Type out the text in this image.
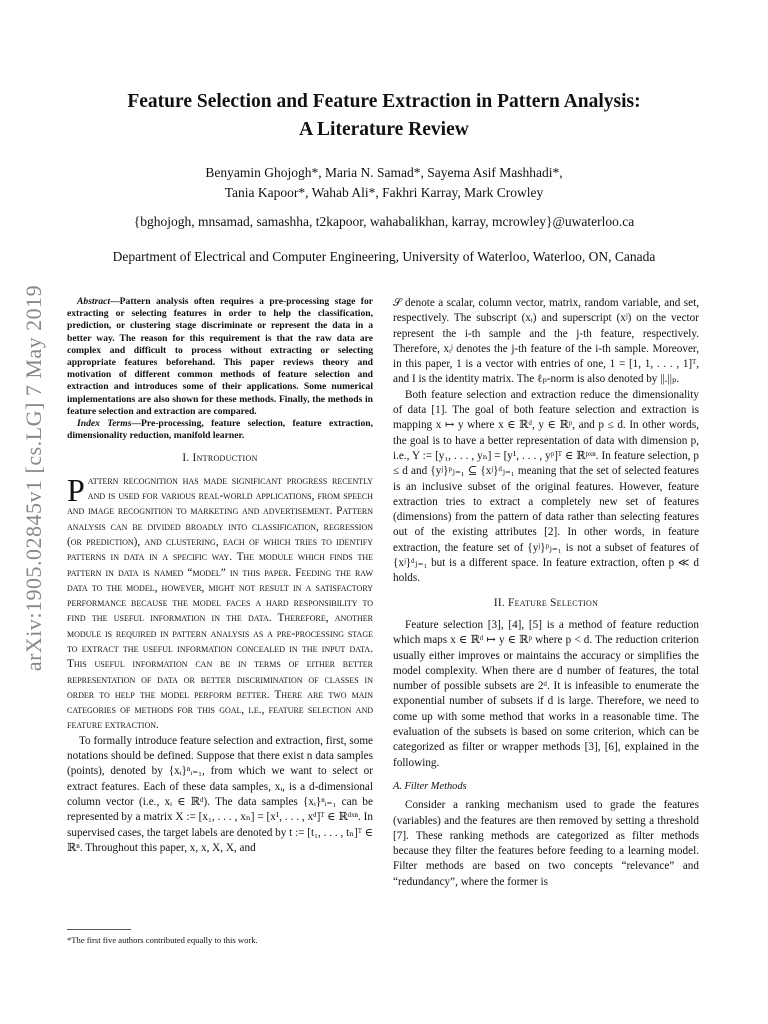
arXiv:1905.02845v1 [cs.LG] 7 May 2019
Feature Selection and Feature Extraction in Pattern Analysis:
A Literature Review
Benyamin Ghojogh*, Maria N. Samad*, Sayema Asif Mashhadi*,
Tania Kapoor*, Wahab Ali*, Fakhri Karray, Mark Crowley
{bghojogh, mnsamad, samashha, t2kapoor, wahabalikhan, karray, mcrowley}@uwaterloo.ca
Department of Electrical and Computer Engineering, University of Waterloo, Waterloo, ON, Canada

Abstract—Pattern analysis often requires a pre-processing stage for extracting or selecting features in order to help the classification, prediction, or clustering stage discriminate or represent the data in a better way. The reason for this requirement is that the raw data are complex and difficult to process without extracting or selecting appropriate features beforehand. This paper reviews theory and motivation of different common methods of feature selection and extraction and introduces some of their applications. Some numerical implementations are also shown for these methods. Finally, the methods in feature selection and extraction are compared.

Index Terms—Pre-processing, feature selection, feature extraction, dimensionality reduction, manifold learner.

I. Introduction

Pattern recognition has made significant progress recently and is used for various real-world applications, from speech and image recognition to marketing and advertisement. Pattern analysis can be divided broadly into classification, regression (or prediction), and clustering, each of which tries to identify patterns in data in a specific way. The module which finds the pattern in data is named “model” in this paper. Feeding the raw data to the model, however, might not result in a satisfactory performance because the model faces a hard responsibility to find the useful information in the data. Therefore, another module is required in pattern analysis as a pre-processing stage to extract the useful information concealed in the input data. This useful information can be in terms of either better representation of data or better discrimination of classes in order to help the model perform better. There are two main categories of methods for this goal, i.e., feature selection and feature extraction.

To formally introduce feature selection and extraction, first, some notations should be defined. Suppose that there exist n data samples (points), denoted by {xᵢ}ⁿᵢ₌₁, from which we want to select or extract features. Each of these data samples, xᵢ, is a d-dimensional column vector (i.e., xᵢ ∈ ℝᵈ). The data samples {xᵢ}ⁿᵢ₌₁ can be represented by a matrix X := [x₁, . . . , xₙ] = [x¹, . . . , xᵈ]ᵀ ∈ ℝᵈˣⁿ. In supervised cases, the target labels are denoted by t := [t₁, . . . , tₙ]ᵀ ∈ ℝⁿ. Throughout this paper, x, x, X, X, and

*The first five authors contributed equally to this work.

𝒮 denote a scalar, column vector, matrix, random variable, and set, respectively. The subscript (xᵢ) and superscript (xʲ) on the vector represent the i-th sample and the j-th feature, respectively. Therefore, xᵢʲ denotes the j-th feature of the i-th sample. Moreover, in this paper, 1 is a vector with entries of one, 1 = [1, 1, . . . , 1]ᵀ, and I is the identity matrix. The ℓₚ-norm is also denoted by ||.||ₚ.

Both feature selection and extraction reduce the dimensionality of data [1]. The goal of both feature selection and extraction is mapping x ↦ y where x ∈ ℝᵈ, y ∈ ℝᵖ, and p ≤ d. In other words, the goal is to have a better representation of data with dimension p, i.e., Y := [y₁, . . . , yₙ] = [y¹, . . . , yᵖ]ᵀ ∈ ℝᵖˣⁿ. In feature selection, p ≤ d and {yʲ}ᵖⱼ₌₁ ⊆ {xʲ}ᵈⱼ₌₁ meaning that the set of selected features is an inclusive subset of the original features. However, feature extraction tries to extract a completely new set of features (dimensions) from the pattern of data rather than selecting features out of the existing attributes [2]. In other words, in feature extraction, the feature set of {yʲ}ᵖⱼ₌₁ is not a subset of features of {xʲ}ᵈⱼ₌₁ but is a different space. In feature extraction, often p ≪ d holds.

II. Feature Selection

Feature selection [3], [4], [5] is a method of feature reduction which maps x ∈ ℝᵈ ↦ y ∈ ℝᵖ where p < d. The reduction criterion usually either improves or maintains the accuracy or simplifies the model complexity. When there are d number of features, the total number of possible subsets are 2ᵈ. It is infeasible to enumerate the exponential number of subsets if d is large. Therefore, we need to come up with some method that works in a reasonable time. The evaluation of the subsets is based on some criterion, which can be categorized as filter or wrapper methods [3], [6], explained in the following.

A. Filter Methods

Consider a ranking mechanism used to grade the features (variables) and the features are then removed by setting a threshold [7]. These ranking methods are categorized as filter methods because they filter the features before feeding to a learning model. Filter methods are based on two concepts “relevance” and “redundancy”, where the former is
